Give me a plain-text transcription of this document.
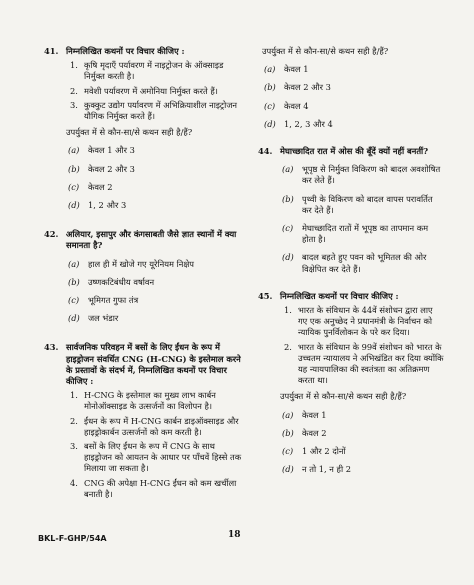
41. निम्नलिखित कथनों पर विचार कीजिए :
1. कृषि मृदाएँ पर्यावरण में नाइट्रोजन के ऑक्साइड निर्मुक्त करती है।
2. मवेशी पर्यावरण में अमोनिया निर्मुक्त करते हैं।
3. कुक्कुट उद्योग पर्यावरण में अभिक्रियाशील नाइट्रोजन यौगिक निर्मुक्त करते हैं।
उपर्युक्त में से कौन-सा/से कथन सही है/हैं?
(a) केवल 1 और 3
(b) केवल 2 और 3
(c) केवल 2
(d) 1, 2 और 3
42. अलियार, इसापुर और कंगसाबती जैसे ज्ञात स्थानों में क्या समानता है?
(a) हाल ही में खोजे गए यूरेनियम निक्षेप
(b) उष्णकटिबंधीय वर्षावन
(c) भूमिगत गुफा तंत्र
(d) जल भंडार
43. सार्वजनिक परिवहन में बसों के लिए ईंधन के रूप में हाइड्रोजन संवर्धित CNG (H-CNG) के इस्तेमाल करने के प्रस्तावों के संदर्भ में, निम्नलिखित कथनों पर विचार कीजिए :
1. H-CNG के इस्तेमाल का मुख्य लाभ कार्बन मोनोऑक्साइड के उत्सर्जनों का विलोपन है।
2. ईंधन के रूप में H-CNG कार्बन डाइऑक्साइड और हाइड्रोकार्बन उत्सर्जनों को कम करती है।
3. बसों के लिए ईंधन के रूप में CNG के साथ हाइड्रोजन को आयतन के आधार पर पाँचवें हिस्से तक मिलाया जा सकता है।
4. CNG की अपेक्षा H-CNG ईंधन को कम खर्चीला बनाती है।
उपर्युक्त में से कौन-सा/से कथन सही है/हैं?
(a) केवल 1
(b) केवल 2 और 3
(c) केवल 4
(d) 1, 2, 3 और 4
44. मेघाच्छादित रात में ओस की बूँदें क्यों नहीं बनतीं?
(a) भूपृष्ठ से निर्मुक्त विकिरण को बादल अवशोषित कर लेते हैं।
(b) पृथ्वी के विकिरण को बादल वापस परावर्तित कर देते हैं।
(c) मेघाच्छादित रातों में भूपृष्ठ का तापमान कम होता है।
(d) बादल बहते हुए पवन को भूमितल की ओर विक्षेपित कर देते हैं।
45. निम्नलिखित कथनों पर विचार कीजिए :
1. भारत के संविधान के 44वें संशोधन द्वारा लाए गए एक अनुच्छेद ने प्रधानमंत्री के निर्वाचन को न्यायिक पुनर्विलोकन के परे कर दिया।
2. भारत के संविधान के 99वें संशोधन को भारत के उच्चतम न्यायालय ने अभिखंडित कर दिया क्योंकि यह न्यायपालिका की स्वतंत्रता का अतिक्रमण करता था।
उपर्युक्त में से कौन-सा/से कथन सही है/हैं?
(a) केवल 1
(b) केवल 2
(c) 1 और 2 दोनों
(d) न तो 1, न ही 2
BKL-F-GHP/54A	18
